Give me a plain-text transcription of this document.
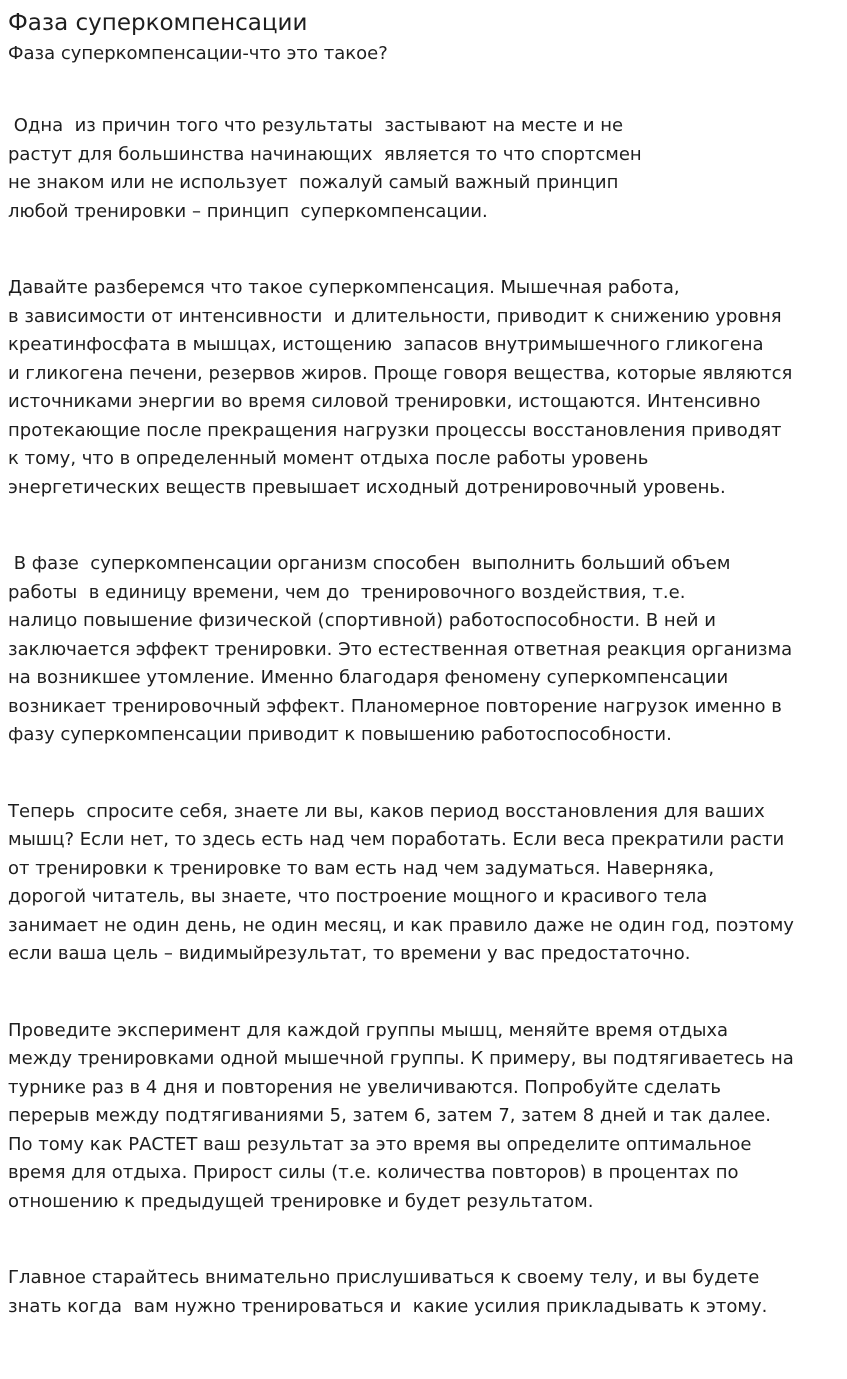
Фаза суперкомпенсации
Фаза суперкомпенсации-что это такое?

Одна  из причин того что результаты  застывают на месте и не
растут для большинства начинающих  является то что спортсмен
не знаком или не использует  пожалуй самый важный принцип
любой тренировки – принцип  суперкомпенсации.

Давайте разберемся что такое суперкомпенсация. Мышечная работа,
в зависимости от интенсивности  и длительности, приводит к снижению уровня
креатинфосфата в мышцах, истощению  запасов внутримышечного гликогена
и гликогена печени, резервов жиров. Проще говоря вещества, которые являются
источниками энергии во время силовой тренировки, истощаются. Интенсивно
протекающие после прекращения нагрузки процессы восстановления приводят
к тому, что в определенный момент отдыха после работы уровень
энергетических веществ превышает исходный дотренировочный уровень.

В фазе  суперкомпенсации организм способен  выполнить больший объем
работы  в единицу времени, чем до  тренировочного воздействия, т.е.
налицо повышение физической (спортивной) работоспособности. В ней и
заключается эффект тренировки. Это естественная ответная реакция организма
на возникшее утомление. Именно благодаря феномену суперкомпенсации
возникает тренировочный эффект. Планомерное повторение нагрузок именно в
фазу суперкомпенсации приводит к повышению работоспособности.

Теперь  спросите себя, знаете ли вы, каков период восстановления для ваших
мышц? Если нет, то здесь есть над чем поработать. Если веса прекратили расти
от тренировки к тренировке то вам есть над чем задуматься. Наверняка,
дорогой читатель, вы знаете, что построение мощного и красивого тела
занимает не один день, не один месяц, и как правило даже не один год, поэтому
если ваша цель – видимыйрезультат, то времени у вас предостаточно.

Проведите эксперимент для каждой группы мышц, меняйте время отдыха
между тренировками одной мышечной группы. К примеру, вы подтягиваетесь на
турнике раз в 4 дня и повторения не увеличиваются. Попробуйте сделать
перерыв между подтягиваниями 5, затем 6, затем 7, затем 8 дней и так далее.
По тому как РАСТЕТ ваш результат за это время вы определите оптимальное
время для отдыха. Прирост силы (т.е. количества повторов) в процентах по
отношению к предыдущей тренировке и будет результатом.

Главное старайтесь внимательно прислушиваться к своему телу, и вы будете
знать когда  вам нужно тренироваться и  какие усилия прикладывать к этому.
